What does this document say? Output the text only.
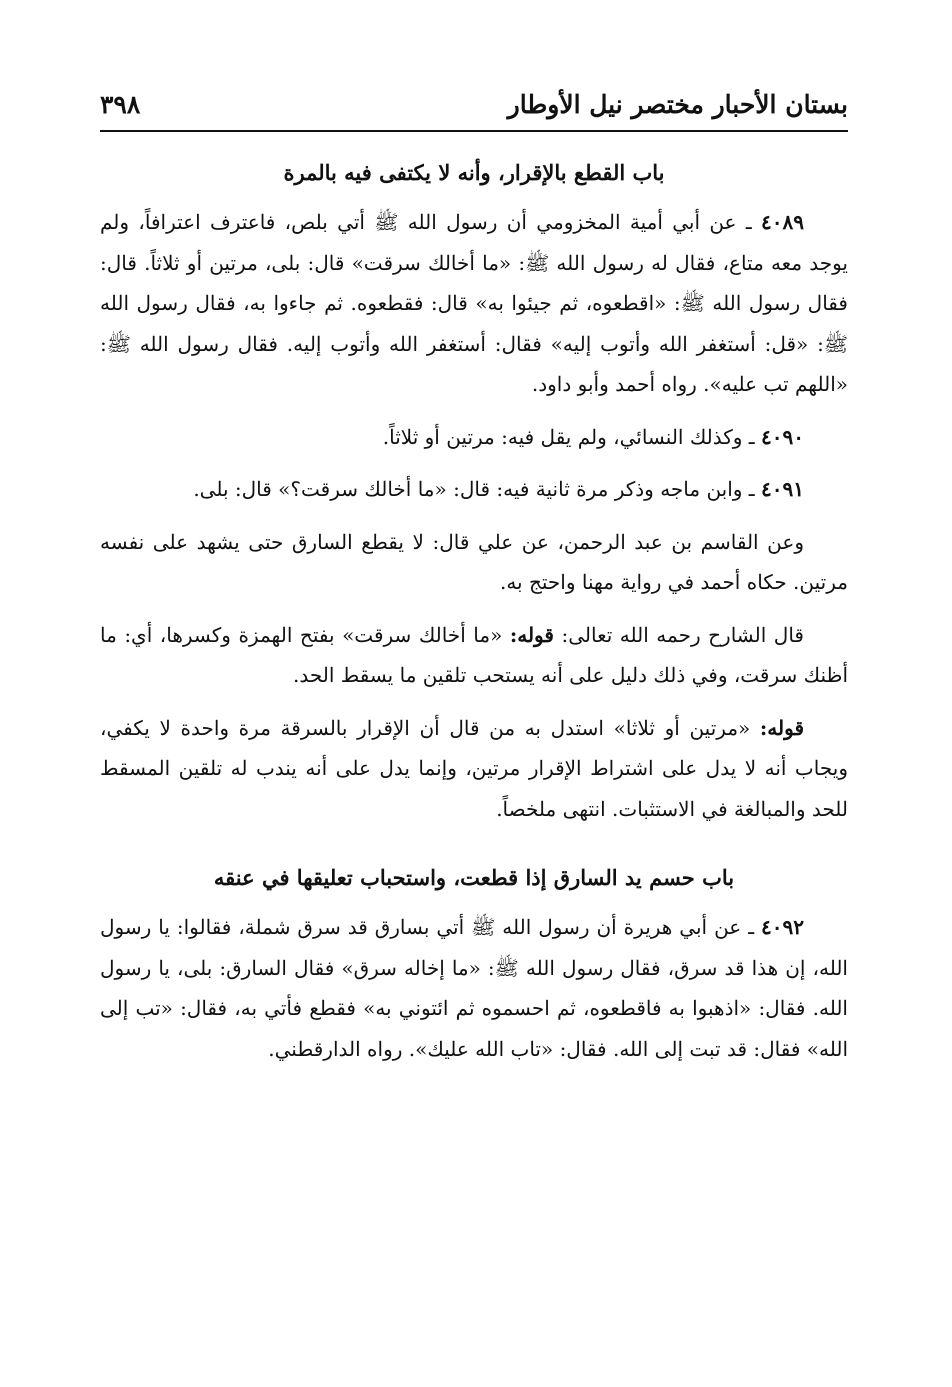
بستان الأحبار مختصر نيل الأوطار
٣٩٨
باب القطع بالإقرار، وأنه لا يكتفى فيه بالمرة

٤٠٨٩ ـ عن أبي أمية المخزومي أن رسول الله ﷺ أتي بلص، فاعترف اعترافاً، ولم يوجد معه متاع، فقال له رسول الله ﷺ: «ما أخالك سرقت» قال: بلى، مرتين أو ثلاثاً. قال: فقال رسول الله ﷺ: «اقطعوه، ثم جيئوا به» قال: فقطعوه. ثم جاءوا به، فقال رسول الله ﷺ: «قل: أستغفر الله وأتوب إليه» فقال: أستغفر الله وأتوب إليه. فقال رسول الله ﷺ: «اللهم تب عليه». رواه أحمد وأبو داود.

٤٠٩٠ ـ وكذلك النسائي، ولم يقل فيه: مرتين أو ثلاثاً.

٤٠٩١ ـ وابن ماجه وذكر مرة ثانية فيه: قال: «ما أخالك سرقت؟» قال: بلى.

وعن القاسم بن عبد الرحمن، عن علي قال: لا يقطع السارق حتى يشهد على نفسه مرتين. حكاه أحمد في رواية مهنا واحتج به.

قال الشارح رحمه الله تعالى: قوله: «ما أخالك سرقت» بفتح الهمزة وكسرها، أي: ما أظنك سرقت، وفي ذلك دليل على أنه يستحب تلقين ما يسقط الحد.

قوله: «مرتين أو ثلاثا» استدل به من قال أن الإقرار بالسرقة مرة واحدة لا يكفي، ويجاب أنه لا يدل على اشتراط الإقرار مرتين، وإنما يدل على أنه يندب له تلقين المسقط للحد والمبالغة في الاستثبات. انتهى ملخصاً.

باب حسم يد السارق إذا قطعت، واستحباب تعليقها في عنقه

٤٠٩٢ ـ عن أبي هريرة أن رسول الله ﷺ أتي بسارق قد سرق شملة، فقالوا: يا رسول الله، إن هذا قد سرق، فقال رسول الله ﷺ: «ما إخاله سرق» فقال السارق: بلى، يا رسول الله. فقال: «اذهبوا به فاقطعوه، ثم احسموه ثم ائتوني به» فقطع فأتي به، فقال: «تب إلى الله» فقال: قد تبت إلى الله. فقال: «تاب الله عليك». رواه الدارقطني.
